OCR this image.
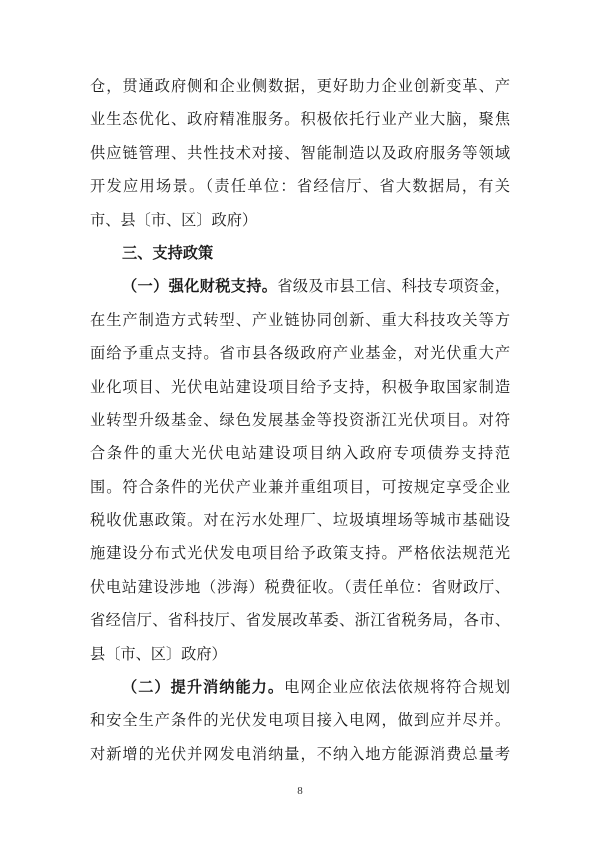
仓，贯通政府侧和企业侧数据，更好助力企业创新变革、产
业生态优化、政府精准服务。积极依托行业产业大脑，聚焦
供应链管理、共性技术对接、智能制造以及政府服务等领域
开发应用场景。（责任单位：省经信厅、省大数据局，有关
市、县〔市、区〕政府）
三、支持政策
（一）强化财税支持。省级及市县工信、科技专项资金，
在生产制造方式转型、产业链协同创新、重大科技攻关等方
面给予重点支持。省市县各级政府产业基金，对光伏重大产
业化项目、光伏电站建设项目给予支持，积极争取国家制造
业转型升级基金、绿色发展基金等投资浙江光伏项目。对符
合条件的重大光伏电站建设项目纳入政府专项债券支持范
围。符合条件的光伏产业兼并重组项目，可按规定享受企业
税收优惠政策。对在污水处理厂、垃圾填埋场等城市基础设
施建设分布式光伏发电项目给予政策支持。严格依法规范光
伏电站建设涉地（涉海）税费征收。（责任单位：省财政厅、
省经信厅、省科技厅、省发展改革委、浙江省税务局，各市、
县〔市、区〕政府）
（二）提升消纳能力。电网企业应依法依规将符合规划
和安全生产条件的光伏发电项目接入电网，做到应并尽并。
对新增的光伏并网发电消纳量，不纳入地方能源消费总量考
8
